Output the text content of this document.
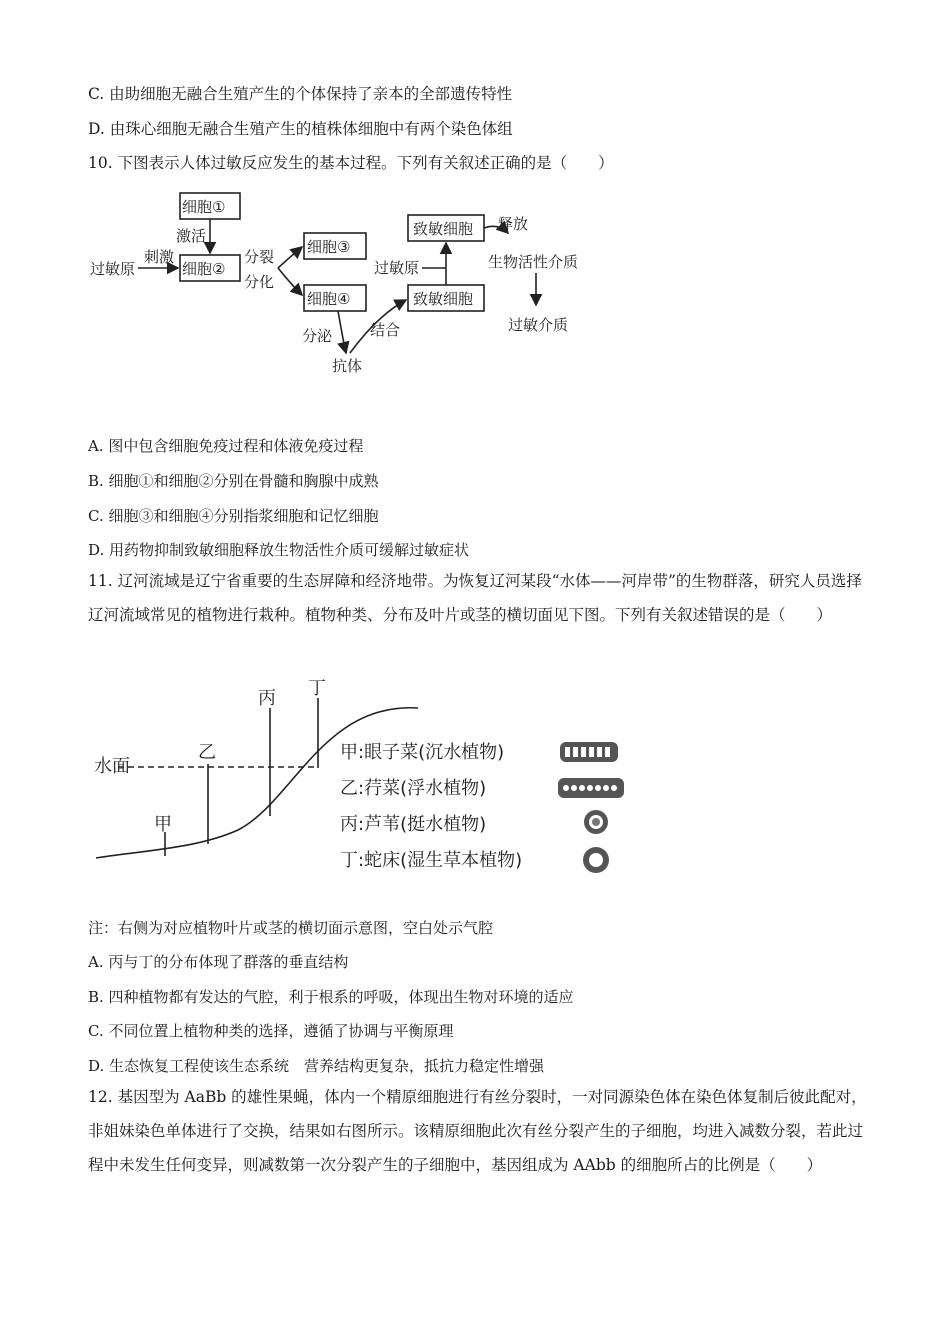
C. 由助细胞无融合生殖产生的个体保持了亲本的全部遗传特性
D. 由珠心细胞无融合生殖产生的植株体细胞中有两个染色体组
10. 下图表示人体过敏反应发生的基本过程。下列有关叙述正确的是（　　）
细胞①
细胞②
细胞③
细胞④
致敏细胞
致敏细胞
过敏原
刺激
激活
分裂
分化
分泌
抗体
结合
过敏原
释放
生物活性介质
过敏介质
A. 图中包含细胞免疫过程和体液免疫过程
B. 细胞①和细胞②分别在骨髓和胸腺中成熟
C. 细胞③和细胞④分别指浆细胞和记忆细胞
D. 用药物抑制致敏细胞释放生物活性介质可缓解过敏症状
11. 辽河流域是辽宁省重要的生态屏障和经济地带。为恢复辽河某段“水体——河岸带”的生物群落，研究人员选择辽河流域常见的植物进行栽种。植物种类、分布及叶片或茎的横切面见下图。下列有关叙述错误的是（　　）
水面
甲
乙
丙 丁
甲:眼子菜(沉水植物)
乙:荇菜(浮水植物)
丙:芦苇(挺水植物)
丁:蛇床(湿生草本植物)
注：右侧为对应植物叶片或茎的横切面示意图，空白处示气腔
A. 丙与丁的分布体现了群落的垂直结构
B. 四种植物都有发达的气腔，利于根系的呼吸，体现出生物对环境的适应
C. 不同位置上植物种类的选择，遵循了协调与平衡原理
D. 生态恢复工程使该生态系统　营养结构更复杂，抵抗力稳定性增强
12. 基因型为 AaBb 的雄性果蝇，体内一个精原细胞进行有丝分裂时，一对同源染色体在染色体复制后彼此配对，非姐妹染色单体进行了交换，结果如右图所示。该精原细胞此次有丝分裂产生的子细胞，均进入减数分裂，若此过程中未发生任何变异，则减数第一次分裂产生的子细胞中，基因组成为 AAbb 的细胞所占的比例是（　　）
